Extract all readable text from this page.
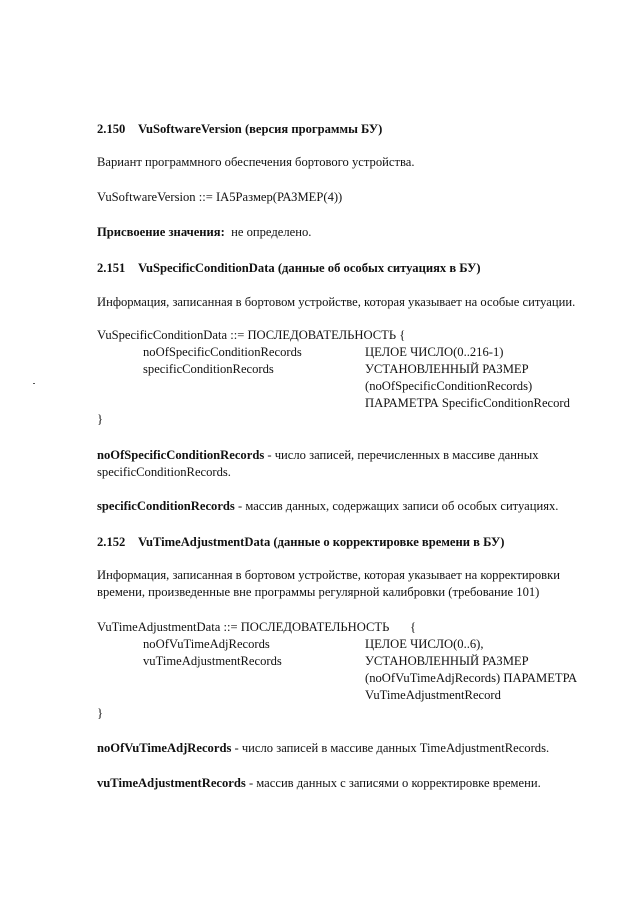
2.150 VuSoftwareVersion (версия программы БУ)
Вариант программного обеспечения бортового устройства.
VuSoftwareVersion ::= IA5Размер(РАЗМЕР(4))
Присвоение значения: не определено.
2.151 VuSpecificConditionData (данные об особых ситуациях в БУ)
Информация, записанная в бортовом устройстве, которая указывает на особые ситуации.
VuSpecificConditionData ::= ПОСЛЕДОВАТЕЛЬНОСТЬ {
noOfSpecificConditionRecords	ЦЕЛОЕ ЧИСЛО(0..216-1)
specificConditionRecords	УСТАНОВЛЕННЫЙ РАЗМЕР
(noOfSpecificConditionRecords)
ПАРАМЕТРА SpecificConditionRecord
}
noOfSpecificConditionRecords - число записей, перечисленных в массиве данных
specificConditionRecords.
specificConditionRecords - массив данных, содержащих записи об особых ситуациях.
2.152 VuTimeAdjustmentData (данные о корректировке времени в БУ)
Информация, записанная в бортовом устройстве, которая указывает на корректировки
времени, произведенные вне программы регулярной калибровки (требование 101)
VuTimeAdjustmentData ::= ПОСЛЕДОВАТЕЛЬНОСТЬ {
noOfVuTimeAdjRecords	ЦЕЛОЕ ЧИСЛО(0..6),
vuTimeAdjustmentRecords	УСТАНОВЛЕННЫЙ РАЗМЕР
(noOfVuTimeAdjRecords) ПАРАМЕТРА
VuTimeAdjustmentRecord
}
noOfVuTimeAdjRecords - число записей в массиве данных TimeAdjustmentRecords.
vuTimeAdjustmentRecords - массив данных с записями о корректировке времени.
